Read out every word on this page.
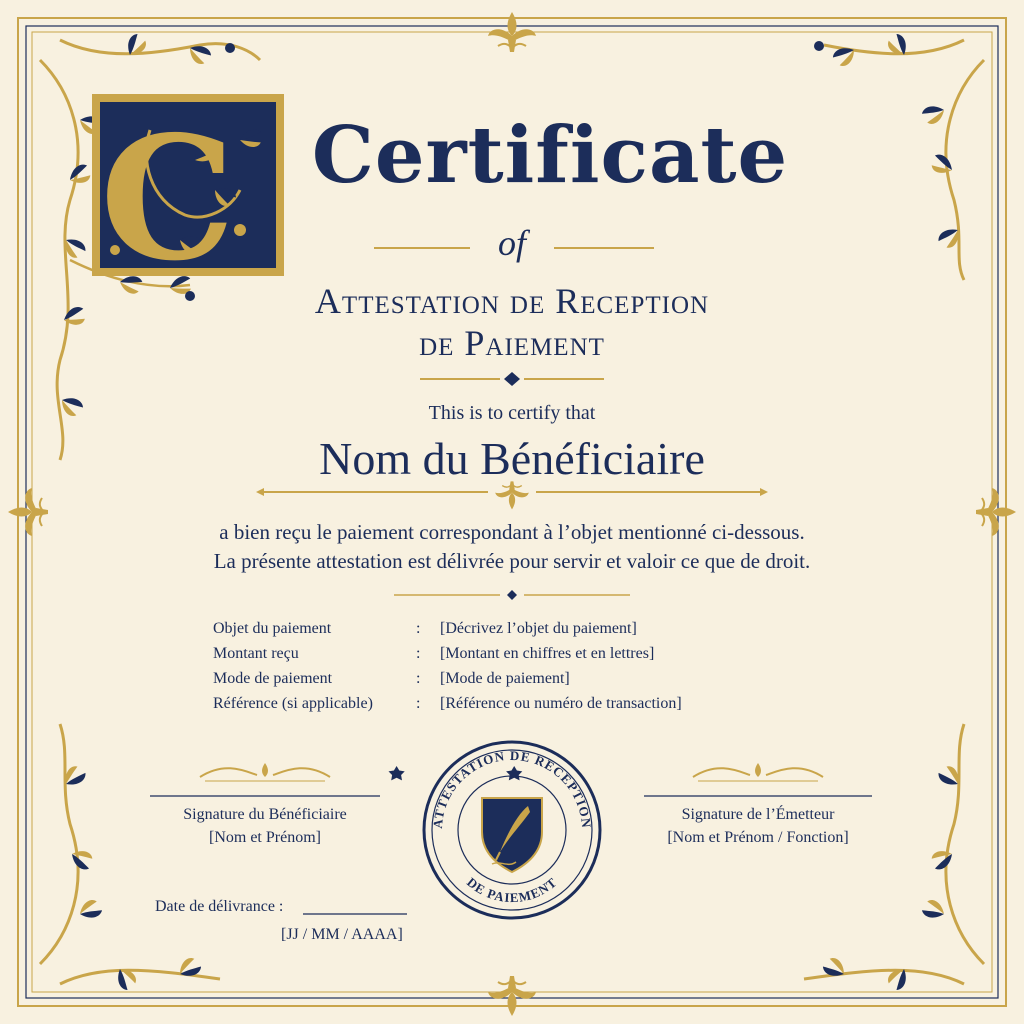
C
ATTESTATION DE RECEPTION
DE PAIEMENT
Certificate
of
Attestation de Reception
de Paiement
This is to certify that
Nom du Bénéficiaire
a bien reçu le paiement correspondant à l’objet mentionné ci-dessous.
La présente attestation est délivrée pour servir et valoir ce que de droit.
Objet du paiement	: [Décrivez l’objet du paiement]
Montant reçu	: [Montant en chiffres et en lettres]
Mode de paiement	: [Mode de paiement]
Référence (si applicable)	: [Référence ou numéro de transaction]
Signature du Bénéficiaire
[Nom et Prénom]
Signature de l’Émetteur
[Nom et Prénom / Fonction]
Date de délivrance :
[JJ / MM / AAAA]
